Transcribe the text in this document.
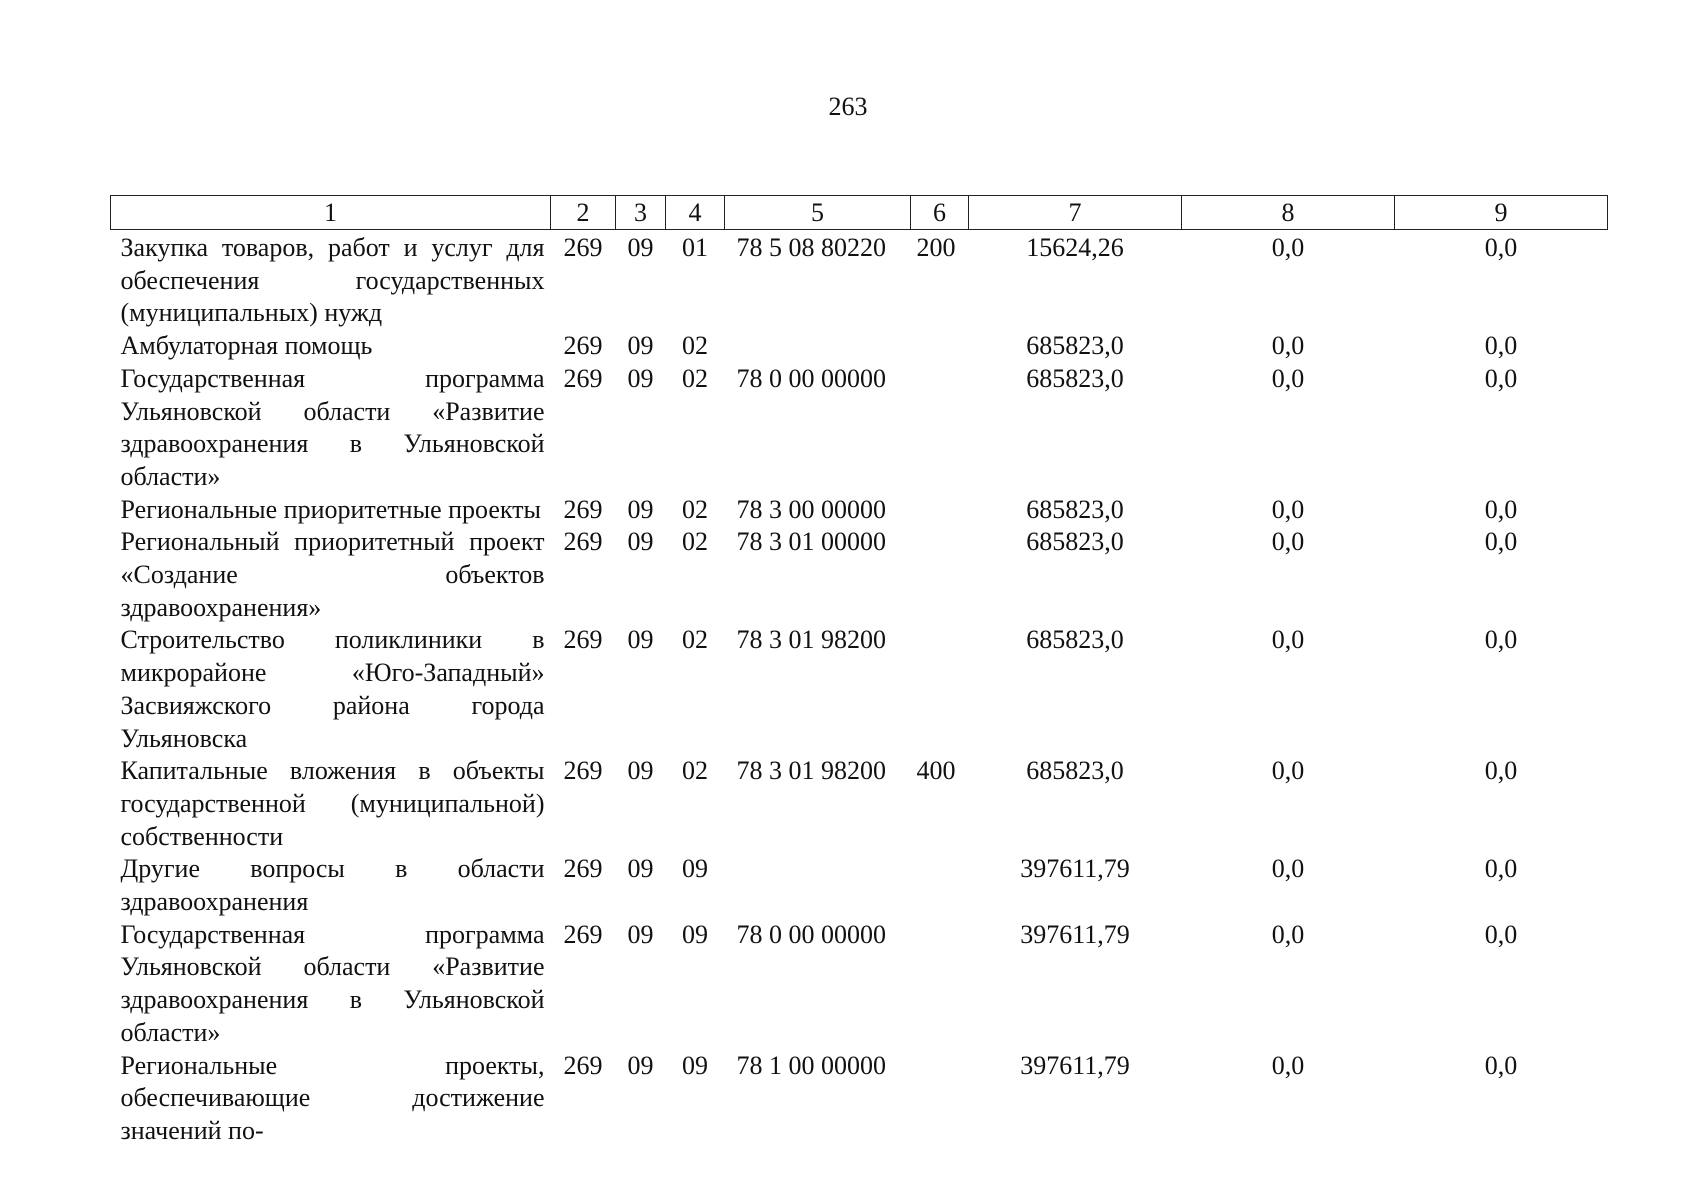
263
1	2	3	4	5	6	7	8	9
Закупка товаров, работ и услуг для обеспечения государственных (муниципальных) нужд	269	09	01	78 5 08 80220	200	15624,26	0,0	0,0
Амбулаторная помощь	269	09	02			685823,0	0,0	0,0
Государственная программа Ульяновской области «Развитие здравоохранения в Ульяновской области»	269	09	02	78 0 00 00000		685823,0	0,0	0,0
Региональные приоритетные проекты	269	09	02	78 3 00 00000		685823,0	0,0	0,0
Региональный приоритетный проект «Создание объектов здравоохранения»	269	09	02	78 3 01 00000		685823,0	0,0	0,0
Строительство поликлиники в микрорайоне «Юго-Западный» Засвияжского района города Ульяновска	269	09	02	78 3 01 98200		685823,0	0,0	0,0
Капитальные вложения в объекты государственной (муниципальной) собственности	269	09	02	78 3 01 98200	400	685823,0	0,0	0,0
Другие вопросы в области здравоохранения	269	09	09			397611,79	0,0	0,0
Государственная программа Ульяновской области «Развитие здравоохранения в Ульяновской области»	269	09	09	78 0 00 00000		397611,79	0,0	0,0
Региональные проекты, обеспечивающие достижение значений по-	269	09	09	78 1 00 00000		397611,79	0,0	0,0
